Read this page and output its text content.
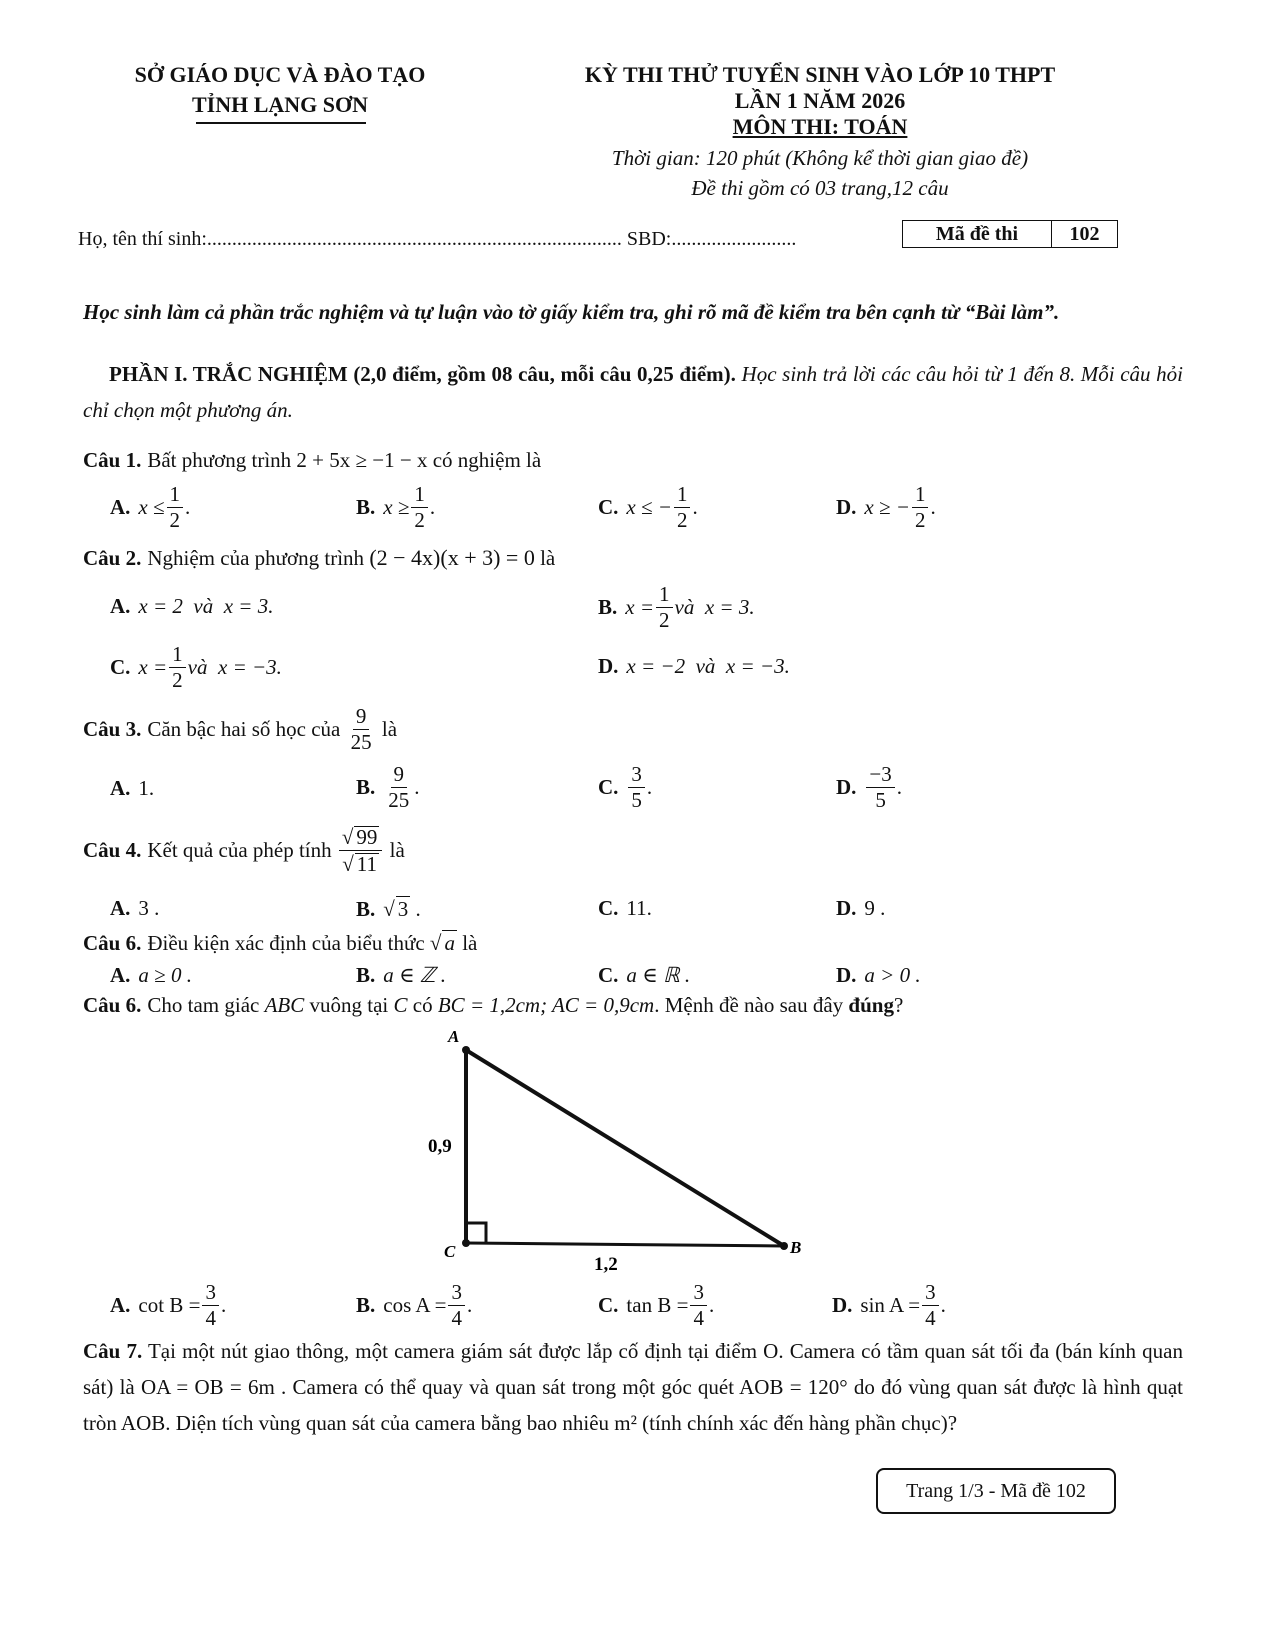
SỞ GIÁO DỤC VÀ ĐÀO TẠO
TỈNH LẠNG SƠN
KỲ THI THỬ TUYỂN SINH VÀO LỚP 10 THPT
LẦN 1 NĂM 2026
MÔN THI: TOÁN
Thời gian: 120 phút (Không kể thời gian giao đề)
Đề thi gồm có 03 trang,12 câu
Họ, tên thí sinh:................................................................................... SBD:.........................	Mã đề thi	102
Học sinh làm cả phần trắc nghiệm và tự luận vào tờ giấy kiểm tra, ghi rõ mã đề kiểm tra bên cạnh từ “Bài làm”.
PHẦN I. TRẮC NGHIỆM (2,0 điểm, gồm 08 câu, mỗi câu 0,25 điểm). Học sinh trả lời các câu hỏi từ 1 đến 8. Mỗi câu hỏi chỉ chọn một phương án.
Câu 1. Bất phương trình
2 + 5x ≥ −1 − x
có nghiệm là
A. $x \le \frac{1}{2}$ .	B. $x \ge \frac{1}{2}$ .	C. x ≤ − $\frac{1}{2}$ .	D. x ≥ − $\frac{1}{2}$ .
Câu 2. Nghiệm của phương trình
(2 − 4x)(x + 3) = 0
là
A. x = 2  và  x = 3.	B. $x = \frac{1}{2}$ và  x = 3.
C. $x = \frac{1}{2}$ và  x = −3.	D. x = −2  và  x = −3.
Câu 3. Căn bậc hai số học của
$\frac{9}{25}$
là
A. 1.	B. $\frac{9}{25}$ .	C. $\frac{3}{5}$ .	D. $\frac{-3}{5}$ .
Câu 4. Kết quả của phép tính
$\frac{√ 99}{√ 11}$
là
A. 3 .	B. √ 3 .	C. 11.	D. 9 .
Câu 6. Điều kiện xác định của biểu thức
√ a
là
A. a ≥ 0 .	B. a ∈ ℤ .	C. a ∈ ℝ .	D. a > 0 .
Câu 6. Cho tam giác
ABC
vuông tại
C
có
BC = 1,2cm; AC = 0,9cm . Mệnh đề nào sau đây
đúng ?
A
C	B
0,9
1,2
A. $\cot B = \frac{3}{4}$ .	B. $\cos A = \frac{3}{4}$ .	C. $\tan B = \frac{3}{4}$ .	D. $\sin A = \frac{3}{4}$ .
Câu 7. Tại một nút giao thông, một camera giám sát được lắp cố định tại điểm O. Camera có tầm quan sát tối đa (bán kính quan sát) là OA = OB = 6m . Camera có thể quay và quan sát trong một góc quét AOB = 120° do đó vùng quan sát được là hình quạt tròn AOB. Diện tích vùng quan sát của camera bằng bao nhiêu m² (tính chính xác đến hàng phần chục)?
Trang 1/3 - Mã đề 102
